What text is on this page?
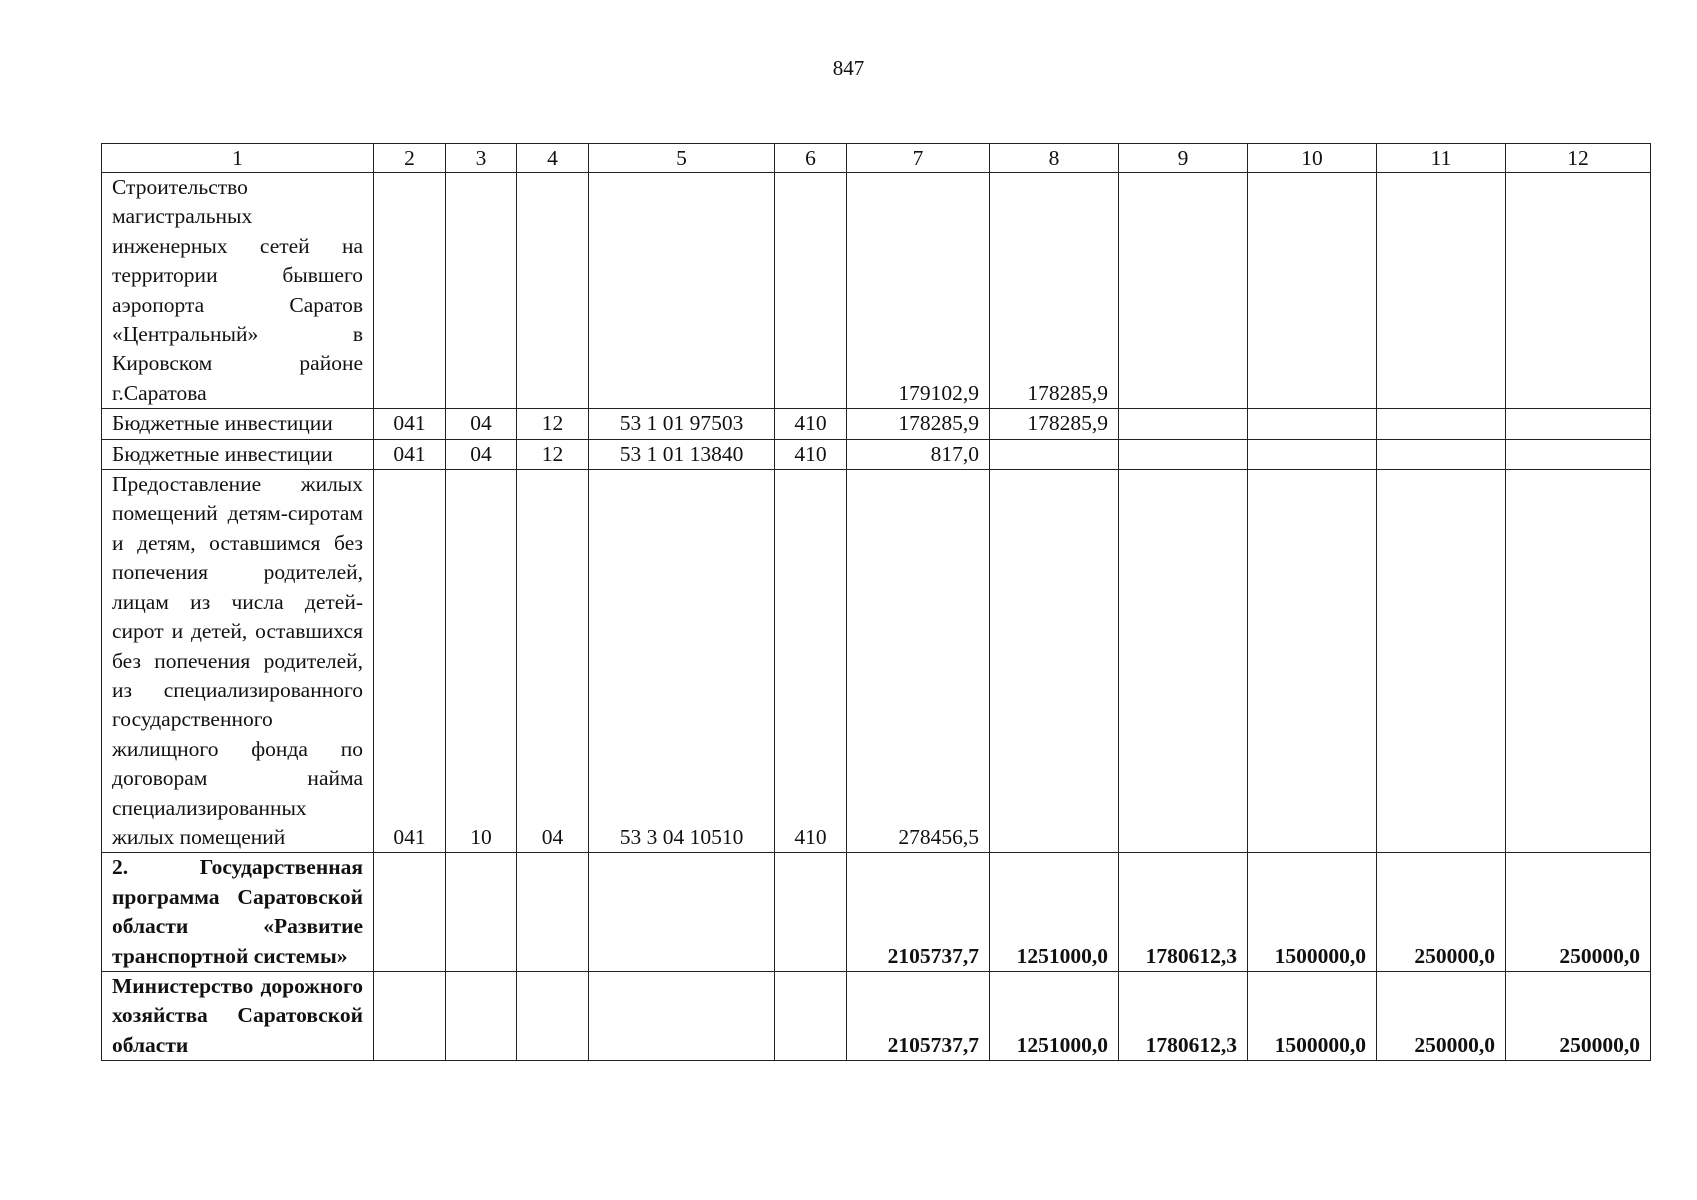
847
1	2	3	4	5	6	7	8	9	10	11	12
Строительство магистральных инженерных сетей на территории бывшего аэропорта Саратов «Центральный» в Кировском районе г.Саратова						179102,9	178285,9				
Бюджетные инвестиции	041	04	12	53 1 01 97503	410	178285,9	178285,9				
Бюджетные инвестиции	041	04	12	53 1 01 13840	410	817,0					
Предоставление жилых помещений детям-сиротам и детям, оставшимся без попечения родителей, лицам из числа детей-сирот и детей, оставшихся без попечения родителей, из специализированного государственного жилищного фонда по договорам найма специализированных жилых помещений	041	10	04	53 3 04 10510	410	278456,5					
2. Государственная программа Саратовской области «Развитие транспортной системы»						2105737,7	1251000,0	1780612,3	1500000,0	250000,0	250000,0
Министерство дорожного хозяйства Саратовской области						2105737,7	1251000,0	1780612,3	1500000,0	250000,0	250000,0
